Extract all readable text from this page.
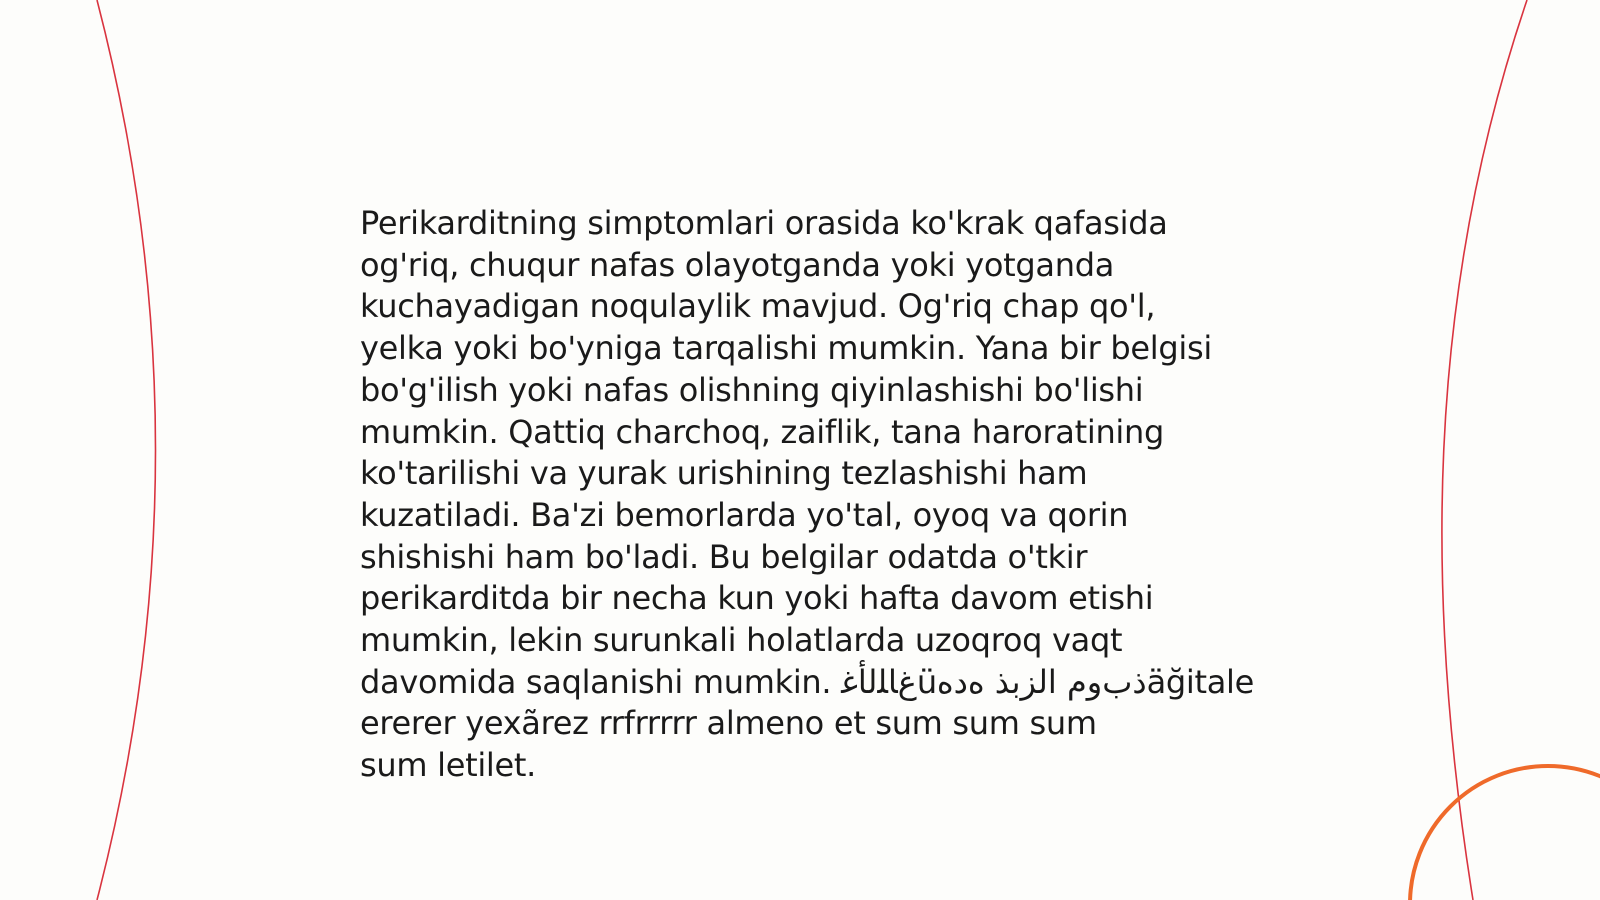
Perikarditning simptomlari orasida ko'krak qafasida
og'riq, chuqur nafas olayotganda yoki yotganda
kuchayadigan noqulaylik mavjud. Og'riq chap qo'l,
yelka yoki bo'yniga tarqalishi mumkin. Yana bir belgisi
bo'g'ilish yoki nafas olishning qiyinlashishi bo'lishi
mumkin. Qattiq charchoq, zaiflik, tana haroratining
ko'tarilishi va yurak urishining tezlashishi ham
kuzatiladi. Ba'zi bemorlarda yo'tal, oyoq va qorin
shishishi ham bo'ladi. Bu belgilar odatda o'tkir
perikarditda bir necha kun yoki hafta davom etishi
mumkin, lekin surunkali holatlarda uzoqroq vaqt
davomida saqlanishi mumkin. ﻍﺎﻠﻟﺄﻏüذﺏﻭﻡ ﺍﻟﺰﺑﺬ ﻩﺩﻩäğitale
ererer yexãrez rrfrrrrr almeno et sum sum sum
sum letilet.
